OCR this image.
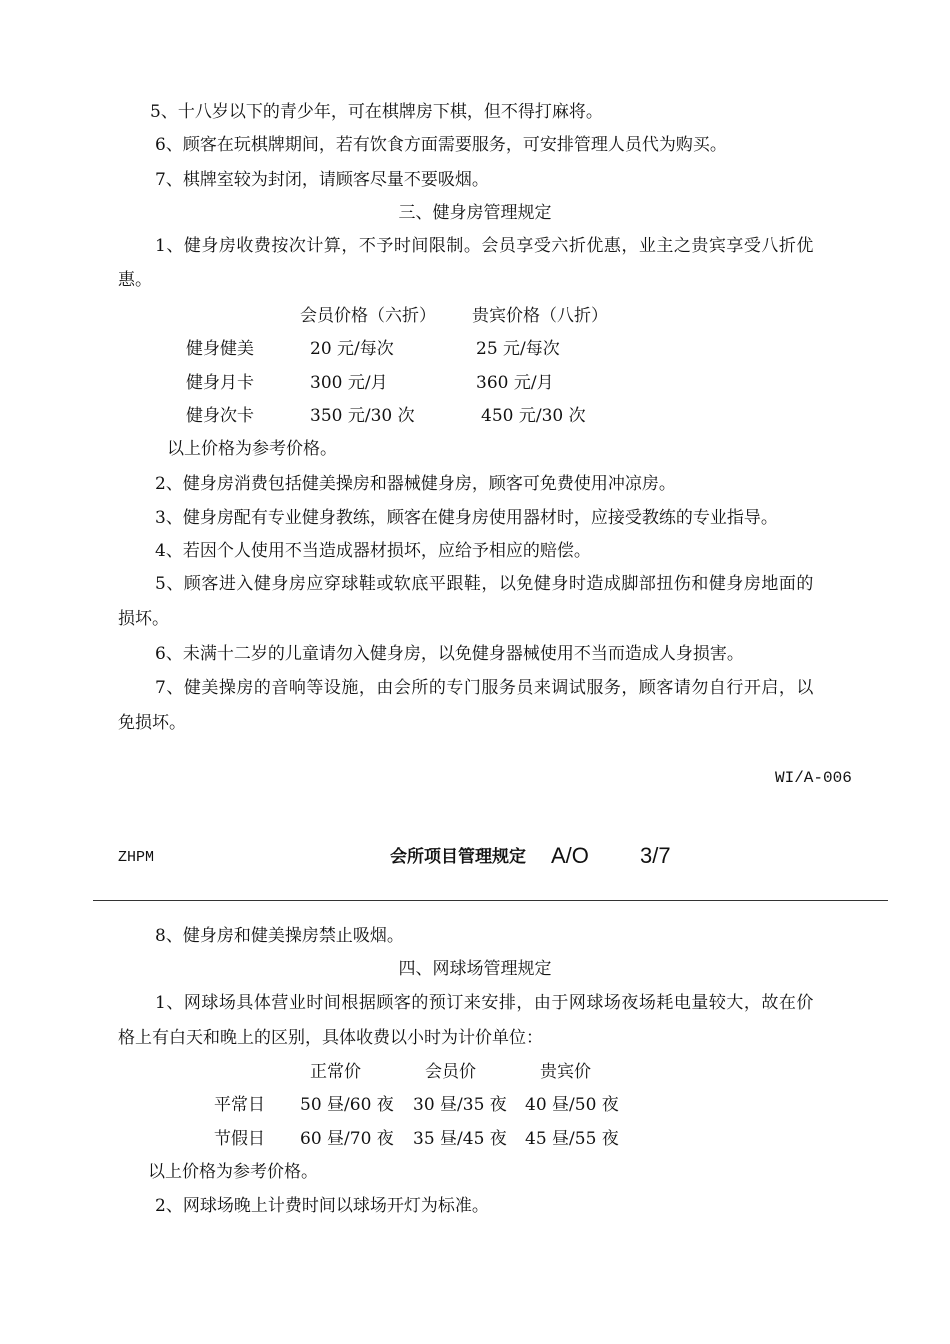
5、十八岁以下的青少年，可在棋牌房下棋，但不得打麻将。
6、顾客在玩棋牌期间，若有饮食方面需要服务，可安排管理人员代为购买。
7、棋牌室较为封闭，请顾客尽量不要吸烟。
三、健身房管理规定
1、健身房收费按次计算，不予时间限制。会员享受六折优惠，业主之贵宾享受八折优
惠。
会员价格（六折） 贵宾价格（八折）
健身健美	20 元/每次	25 元/每次
健身月卡	300 元/月	360 元/月
健身次卡	350 元/30 次	450 元/30 次
以上价格为参考价格。
2、健身房消费包括健美操房和器械健身房，顾客可免费使用冲凉房。
3、健身房配有专业健身教练，顾客在健身房使用器材时，应接受教练的专业指导。
4、若因个人使用不当造成器材损坏，应给予相应的赔偿。
5、顾客进入健身房应穿球鞋或软底平跟鞋，以免健身时造成脚部扭伤和健身房地面的
损坏。
6、未满十二岁的儿童请勿入健身房，以免健身器械使用不当而造成人身损害。
7、健美操房的音响等设施，由会所的专门服务员来调试服务，顾客请勿自行开启，以
免损坏。
WI/A-006
ZHPM	会所项目管理规定 A/O 3/7
8、健身房和健美操房禁止吸烟。
四、网球场管理规定
1、网球场具体营业时间根据顾客的预订来安排，由于网球场夜场耗电量较大，故在价
格上有白天和晚上的区别，具体收费以小时为计价单位：
正常价	会员价	贵宾价
平常日 50 昼/60 夜 30 昼/35 夜 40 昼/50 夜
节假日 60 昼/70 夜 35 昼/45 夜 45 昼/55 夜
以上价格为参考价格。
2、网球场晚上计费时间以球场开灯为标准。
